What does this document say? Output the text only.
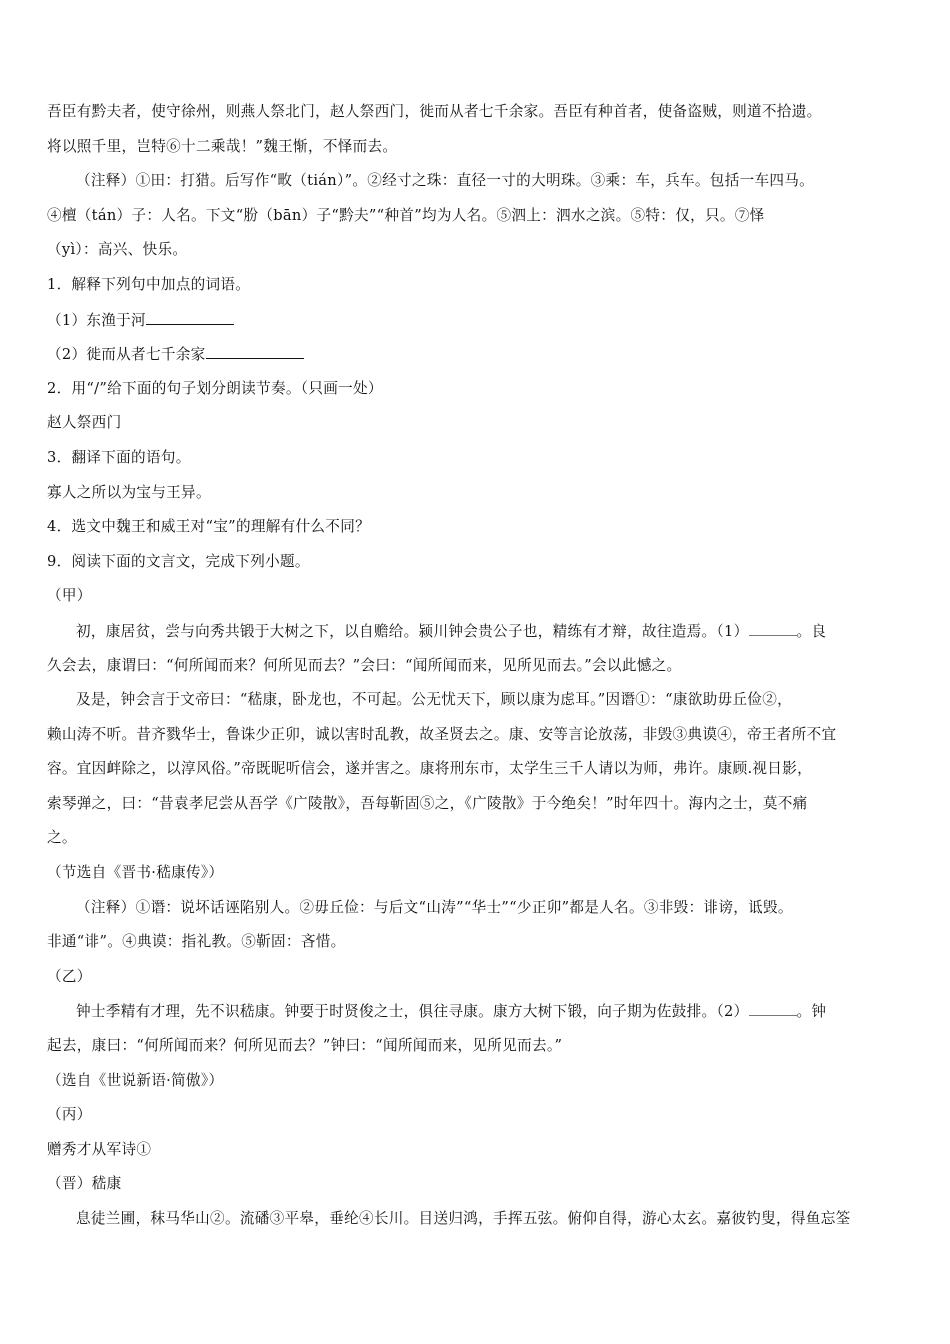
吾臣有黔夫者，使守徐州，则燕人祭北门，赵人祭西门，徙而从者七千余家。吾臣有种首者，使备盗贼，则道不拾遗。
将以照千里，岂特⑥十二乘哉！”魏王惭，不怿而去。
（注释）①田：打猎。后写作“畋（tián）”。②经寸之珠：直径一寸的大明珠。③乘：车，兵车。包括一车四马。
④檀（tán）子：人名。下文“肦（bān）子“黔夫”“种首”均为人名。⑤泗上：泗水之滨。⑤特：仅，只。⑦怿
（yì）：高兴、快乐。
1．解释下列句中加点的词语。
（1）东渔于河
（2）徙而从者七千余家
2．用“/”给下面的句子划分朗读节奏。（只画一处）
赵人祭西门
3．翻译下面的语句。
寡人之所以为宝与王异。
4．选文中魏王和威王对“宝”的理解有什么不同？
9．阅读下面的文言文，完成下列小题。
（甲）
初，康居贫，尝与向秀共锻于大树之下，以自赡给。颍川钟会贵公子也，精练有才辩，故往造焉。（1）	。良
久会去，康谓曰：“何所闻而来？何所见而去？”会曰：“闻所闻而来，见所见而去。”会以此憾之。
及是，钟会言于文帝曰：“嵇康，卧龙也，不可起。公无忧天下，顾以康为虑耳。”因谮①：“康欲助毋丘俭②，
赖山涛不听。昔齐戮华士，鲁诛少正卯，诚以害时乱教，故圣贤去之。康、安等言论放荡，非毁③典谟④，帝王者所不宜
容。宜因衅除之，以淳风俗。”帝既昵听信会，遂并害之。康将刑东市，太学生三千人请以为师，弗许。康顾.视日影，
索琴弹之，曰：“昔袁孝尼尝从吾学《广陵散》，吾每靳固⑤之，《广陵散》于今绝矣！”时年四十。海内之士，莫不痛
之。
（节选自《晋书·嵇康传》）
（注释）①谮：说坏话诬陷别人。②毋丘俭：与后文“山涛”“华士”“少正卯”都是人名。③非毁：诽谤，诋毁。
非通“诽”。④典谟：指礼教。⑤靳固：吝惜。
（乙）
钟士季精有才理，先不识嵇康。钟要于时贤俊之士，俱往寻康。康方大树下锻，向子期为佐鼓排。（2）	。钟
起去，康曰：“何所闻而来？何所见而去？”钟曰：“闻所闻而来，见所见而去。”
（选自《世说新语·简傲》）
（丙）
赠秀才从军诗①
（晋）嵇康
息徒兰圃，秣马华山②。流磻③平皋，垂纶④长川。目送归鸿，手挥五弦。俯仰自得，游心太玄。嘉彼钓叟，得鱼忘筌
